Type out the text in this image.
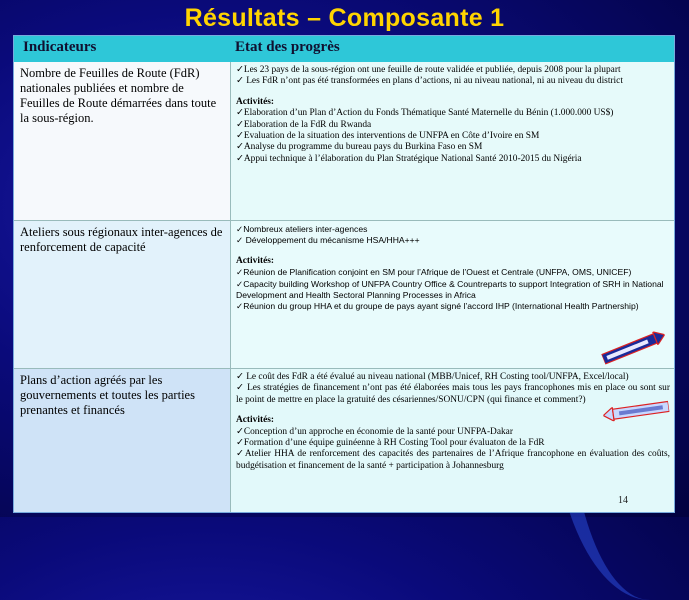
Résultats – Composante 1
Indicateurs	Etat des progrès
Nombre de Feuilles de Route (FdR) nationales publiées et nombre de Feuilles de Route démarrées dans toute la sous-région.
✓Les 23 pays de la sous-région ont une feuille de route validée et publiée, depuis 2008 pour la plupart
✓ Les FdR n’ont pas été transformées en plans d’actions, ni au niveau national, ni au niveau du district
Activités:
✓Elaboration d’un Plan d’Action du Fonds Thématique Santé Maternelle du Bénin (1.000.000 US$)
✓Elaboration de la FdR du Rwanda
✓Evaluation de la situation des interventions de UNFPA en Côte d’Ivoire en SM
✓Analyse du programme du bureau pays du Burkina Faso en SM
✓Appui technique à l’élaboration du Plan Stratégique National Santé 2010-2015 du Nigéria
Ateliers sous régionaux inter-agences de renforcement de capacité
✓Nombreux ateliers inter-agences
✓ Développement du mécanisme HSA/HHA+++
Activités:
✓Réunion de Planification conjoint en SM pour l’Afrique de l’Ouest et Centrale (UNFPA, OMS, UNICEF)
✓Capacity building Workshop of UNFPA Country Office & Countreparts to support Integration of SRH in National Development and Health Sectoral Planning Processes in Africa
✓Réunion du group HHA et du groupe de pays ayant signé l’accord IHP (International Health Partnership)
Plans d’action agréés par les gouvernements et toutes les parties prenantes et financés
✓ Le coût des FdR a été évalué au niveau national (MBB/Unicef, RH Costing tool/UNFPA, Excel/local)
✓ Les stratégies de financement n’ont pas été élaborées mais tous les pays francophones mis en place ou sont sur le point de mettre en place la gratuité des césariennes/SONU/CPN (qui finance et comment?)
Activités:
✓Conception d’un approche en économie de la santé pour UNFPA-Dakar
✓Formation d’une équipe guinéenne à RH Costing Tool pour évaluaton de la FdR
✓Atelier HHA de renforcement des capacités des partenaires de l’Afrique francophone en évaluation des coûts, budgétisation et financement de la santé + participation à Johannesburg
14
